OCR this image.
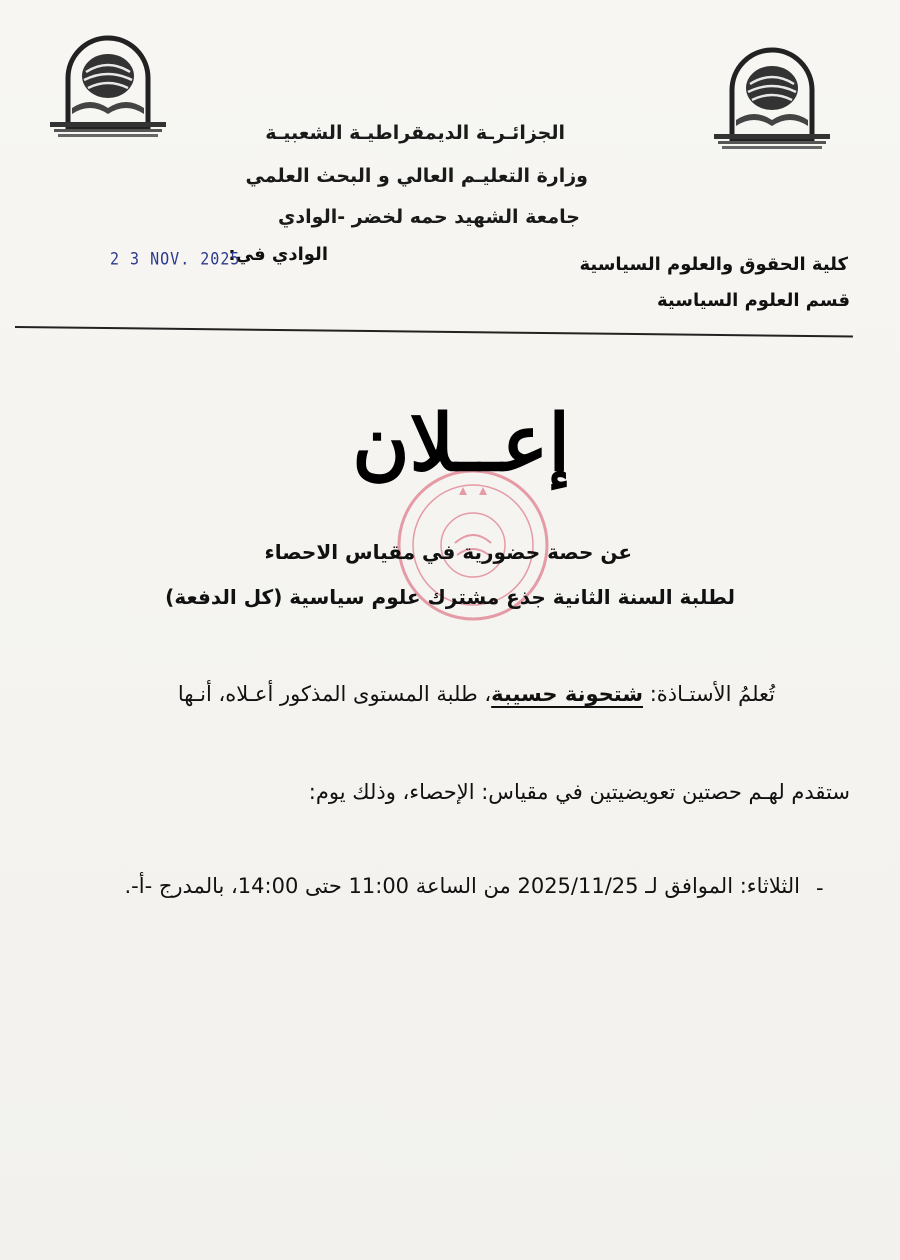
الجزائـرـة الديمقراطيـة الشعبيـة
وزارة التعليـم العالي و البحث العلمي
جامعة الشهيد حمه لخضر -الوادي
كلية الحقوق والعلوم السياسية
قسم العلوم السياسية
الوادي في:
2 3 NOV. 2025
إعــلان
عن حصة حضورية في مقياس الاحصاء
لطلبة السنة الثانية جذع مشترك علوم سياسية (كل الدفعة)
تُعلمُ الأستـاذة: شتحونة حسيبة، طلبة المستوى المذكور أعـلاه، أنـها
ستقدم لهـم حصتين تعويضيتين في مقياس: الإحصاء، وذلك يوم:
-
الثلاثاء: الموافق لـ 2025/11/25 من الساعة 11:00 حتى 14:00، بالمدرج -أ-.
